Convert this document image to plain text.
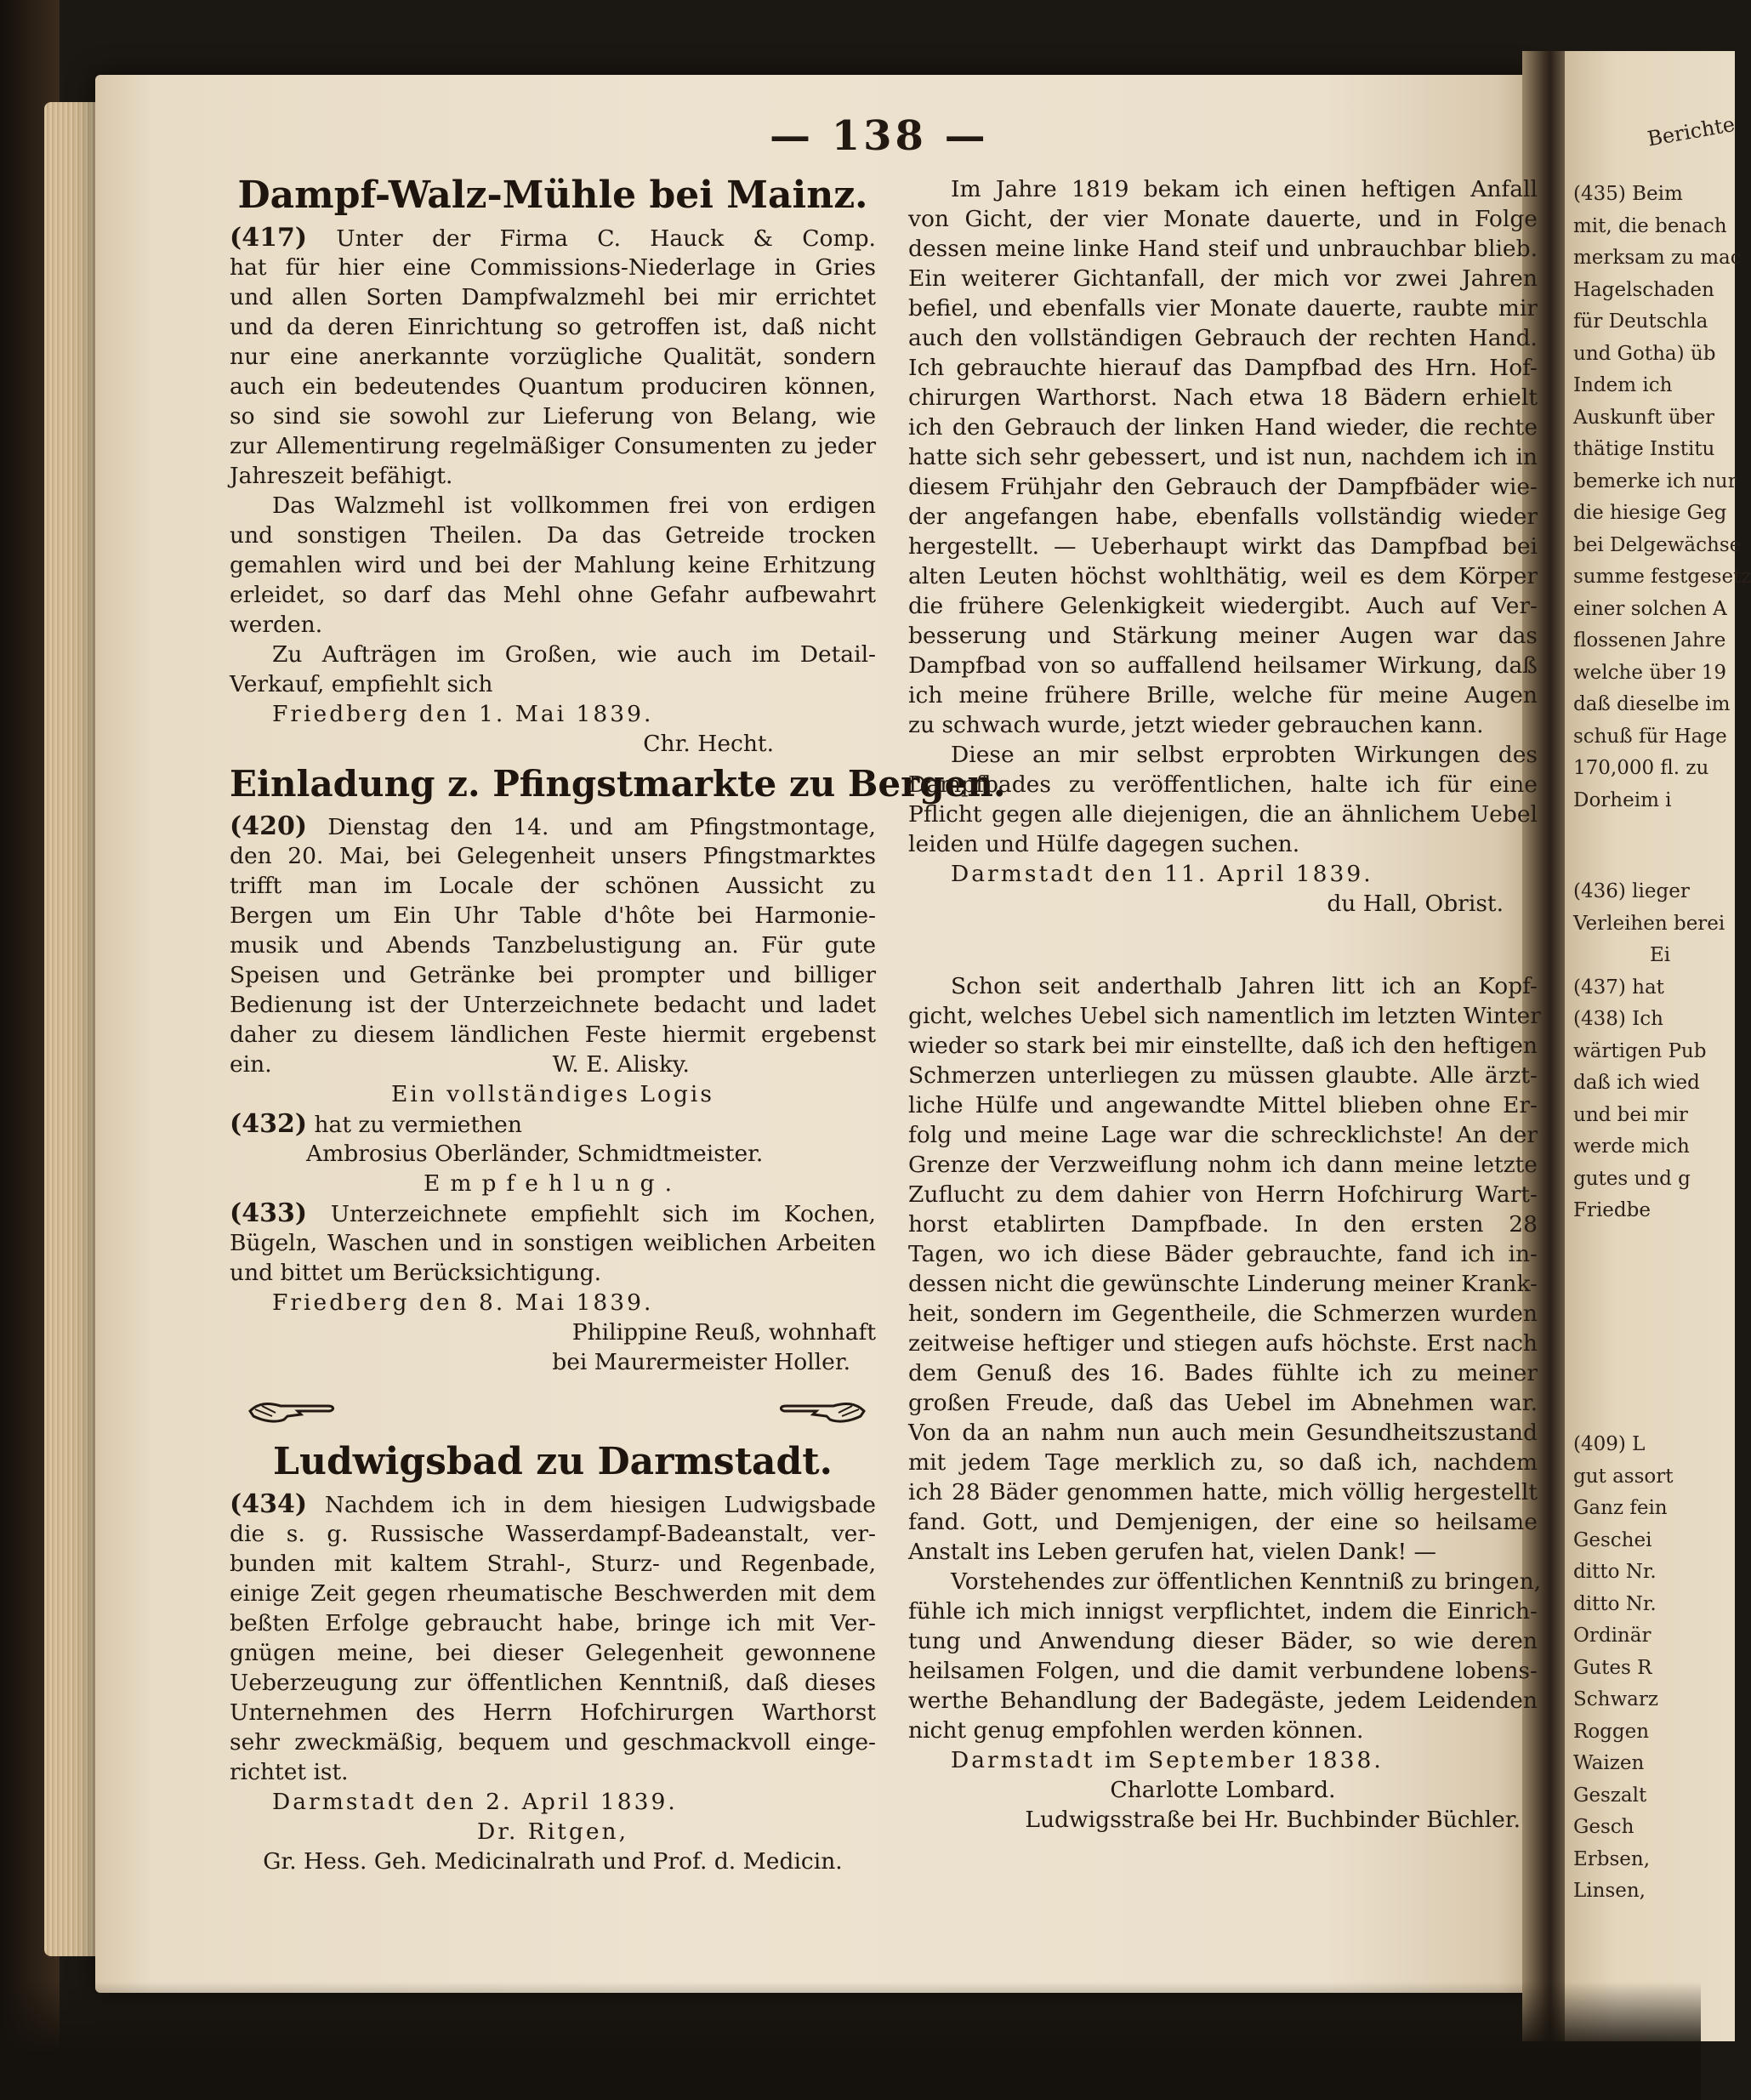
— 138 —
Dampf-Walz-Mühle bei Mainz.
(417) Unter der Firma C. Hauck & Comp.
hat für hier eine Commissions-Niederlage in Gries
und allen Sorten Dampfwalzmehl bei mir errichtet
und da deren Einrichtung so getroffen ist, daß nicht
nur eine anerkannte vorzügliche Qualität, sondern
auch ein bedeutendes Quantum produciren können,
so sind sie sowohl zur Lieferung von Belang, wie
zur Allementirung regelmäßiger Consumenten zu jeder
Jahreszeit befähigt.
Das Walzmehl ist vollkommen frei von erdigen
und sonstigen Theilen. Da das Getreide trocken
gemahlen wird und bei der Mahlung keine Erhitzung
erleidet, so darf das Mehl ohne Gefahr aufbewahrt
werden.
Zu Aufträgen im Großen, wie auch im Detail-
Verkauf, empfiehlt sich
Friedberg den 1. Mai 1839.
Chr. Hecht.
Einladung z. Pfingstmarkte zu Bergen.
(420) Dienstag den 14. und am Pfingstmontage,
den 20. Mai, bei Gelegenheit unsers Pfingstmarktes
trifft man im Locale der schönen Aussicht zu
Bergen um Ein Uhr Table d'hôte bei Harmonie-
musik und Abends Tanzbelustigung an. Für gute
Speisen und Getränke bei prompter und billiger
Bedienung ist der Unterzeichnete bedacht und ladet
daher zu diesem ländlichen Feste hiermit ergebenst
ein.	W. E. Alisky.
Ein vollständiges Logis
(432) hat zu vermiethen
Ambrosius Oberländer, Schmidtmeister.
Empfehlung.
(433) Unterzeichnete empfiehlt sich im Kochen,
Bügeln, Waschen und in sonstigen weiblichen Arbeiten
und bittet um Berücksichtigung.
Friedberg den 8. Mai 1839.
Philippine Reuß, wohnhaft
bei Maurermeister Holler.
Ludwigsbad zu Darmstadt.
(434) Nachdem ich in dem hiesigen Ludwigsbade
die s. g. Russische Wasserdampf-Badeanstalt, ver-
bunden mit kaltem Strahl-, Sturz- und Regenbade,
einige Zeit gegen rheumatische Beschwerden mit dem
beßten Erfolge gebraucht habe, bringe ich mit Ver-
gnügen meine, bei dieser Gelegenheit gewonnene
Ueberzeugung zur öffentlichen Kenntniß, daß dieses
Unternehmen des Herrn Hofchirurgen Warthorst
sehr zweckmäßig, bequem und geschmackvoll einge-
richtet ist.
Darmstadt den 2. April 1839.
Dr. Ritgen,
Gr. Hess. Geh. Medicinalrath und Prof. d. Medicin.
Im Jahre 1819 bekam ich einen heftigen Anfall
von Gicht, der vier Monate dauerte, und in Folge
dessen meine linke Hand steif und unbrauchbar blieb.
Ein weiterer Gichtanfall, der mich vor zwei Jahren
befiel, und ebenfalls vier Monate dauerte, raubte mir
auch den vollständigen Gebrauch der rechten Hand.
Ich gebrauchte hierauf das Dampfbad des Hrn. Hof-
chirurgen Warthorst. Nach etwa 18 Bädern erhielt
ich den Gebrauch der linken Hand wieder, die rechte
hatte sich sehr gebessert, und ist nun, nachdem ich in
diesem Frühjahr den Gebrauch der Dampfbäder wie-
der angefangen habe, ebenfalls vollständig wieder
hergestellt. — Ueberhaupt wirkt das Dampfbad bei
alten Leuten höchst wohlthätig, weil es dem Körper
die frühere Gelenkigkeit wiedergibt. Auch auf Ver-
besserung und Stärkung meiner Augen war das
Dampfbad von so auffallend heilsamer Wirkung, daß
ich meine frühere Brille, welche für meine Augen
zu schwach wurde, jetzt wieder gebrauchen kann.
Diese an mir selbst erprobten Wirkungen des
Dampfbades zu veröffentlichen, halte ich für eine
Pflicht gegen alle diejenigen, die an ähnlichem Uebel
leiden und Hülfe dagegen suchen.
Darmstadt den 11. April 1839.
du Hall, Obrist.
Schon seit anderthalb Jahren litt ich an Kopf-
gicht, welches Uebel sich namentlich im letzten Winter
wieder so stark bei mir einstellte, daß ich den heftigen
Schmerzen unterliegen zu müssen glaubte. Alle ärzt-
liche Hülfe und angewandte Mittel blieben ohne Er-
folg und meine Lage war die schrecklichste! An der
Grenze der Verzweiflung nohm ich dann meine letzte
Zuflucht zu dem dahier von Herrn Hofchirurg Wart-
horst etablirten Dampfbade. In den ersten 28
Tagen, wo ich diese Bäder gebrauchte, fand ich in-
dessen nicht die gewünschte Linderung meiner Krank-
heit, sondern im Gegentheile, die Schmerzen wurden
zeitweise heftiger und stiegen aufs höchste. Erst nach
dem Genuß des 16. Bades fühlte ich zu meiner
großen Freude, daß das Uebel im Abnehmen war.
Von da an nahm nun auch mein Gesundheitszustand
mit jedem Tage merklich zu, so daß ich, nachdem
ich 28 Bäder genommen hatte, mich völlig hergestellt
fand. Gott, und Demjenigen, der eine so heilsame
Anstalt ins Leben gerufen hat, vielen Dank! —
Vorstehendes zur öffentlichen Kenntniß zu bringen,
fühle ich mich innigst verpflichtet, indem die Einrich-
tung und Anwendung dieser Bäder, so wie deren
heilsamen Folgen, und die damit verbundene lobens-
werthe Behandlung der Badegäste, jedem Leidenden
nicht genug empfohlen werden können.
Darmstadt im September 1838.
Charlotte Lombard.
Ludwigsstraße bei Hr. Buchbinder Büchler.
Berichte
(435) Beim
mit, die benach
merksam zu mac
Hagelschaden
für Deutschla
und Gotha) üb
Indem ich
Auskunft über
thätige Institu
bemerke ich nur
die hiesige Geg
bei Delgewächse
summe festgesetz
einer solchen A
flossenen Jahre
welche über 19
daß dieselbe im
schuß für Hage
170,000 fl. zu
Dorheim i
(436) lieger
Verleihen berei
Ei
(437) hat
(438) Ich
wärtigen Pub
daß ich wied
und bei mir
werde mich
gutes und g
Friedbe
(409) L
gut assort
Ganz fein
Geschei
ditto Nr.
ditto Nr.
Ordinär
Gutes R
Schwarz
Roggen
Waizen
Geszalt
Gesch
Erbsen,
Linsen,
